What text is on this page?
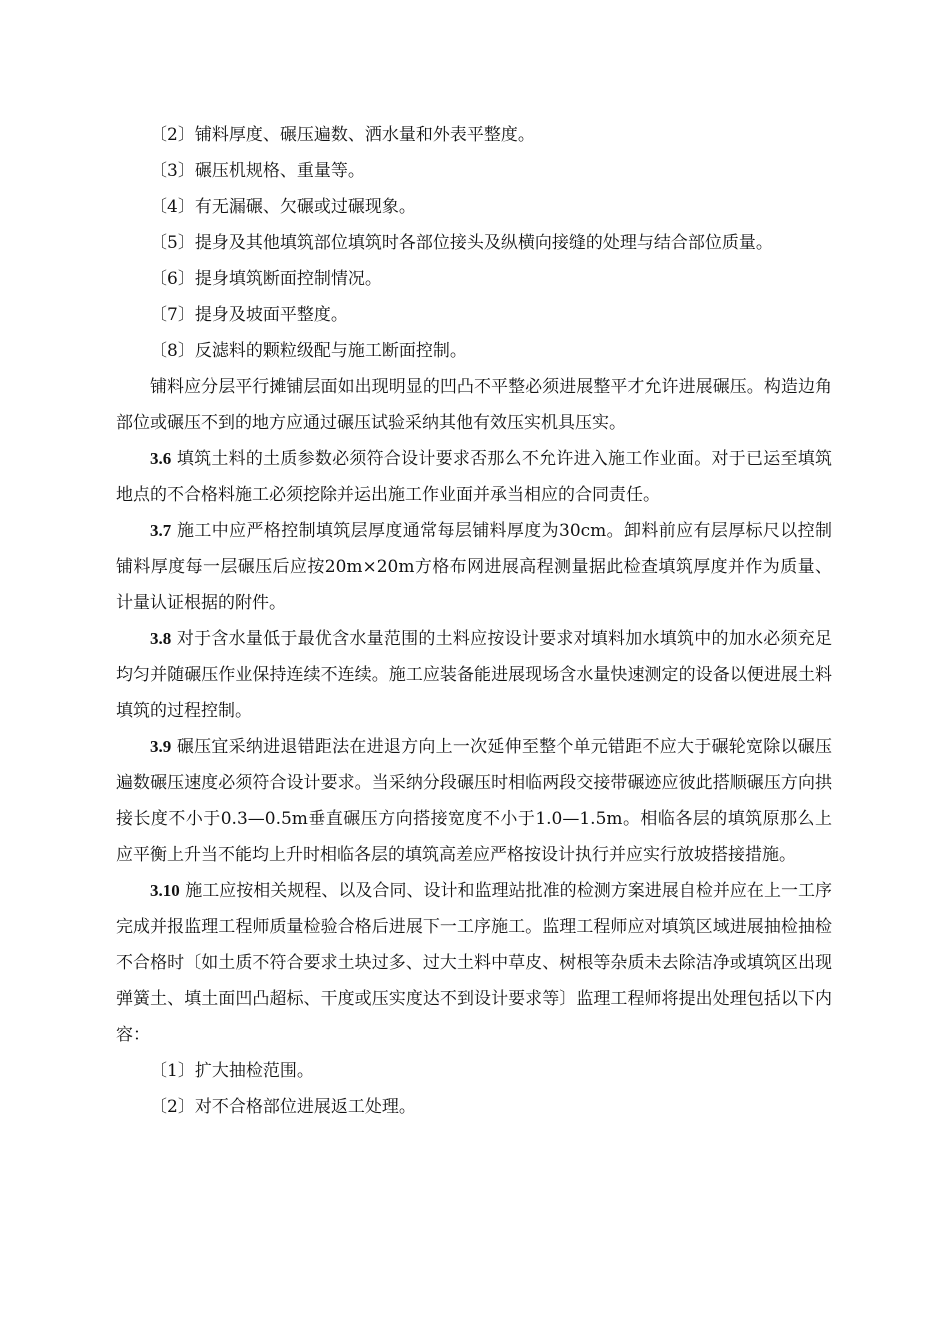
〔2〕铺料厚度、碾压遍数、洒水量和外表平整度。

〔3〕碾压机规格、重量等。

〔4〕有无漏碾、欠碾或过碾现象。

〔5〕提身及其他填筑部位填筑时各部位接头及纵横向接缝的处理与结合部位质量。

〔6〕提身填筑断面控制情况。

〔7〕提身及坡面平整度。

〔8〕反滤料的颗粒级配与施工断面控制。

铺料应分层平行摊铺层面如出现明显的凹凸不平整必须进展整平才允许进展碾压。构造边角部位或碾压不到的地方应通过碾压试验采纳其他有效压实机具压实。

3.6 填筑土料的土质参数必须符合设计要求否那么不允许进入施工作业面。对于已运至填筑地点的不合格料施工必须挖除并运出施工作业面并承当相应的合同责任。

3.7 施工中应严格控制填筑层厚度通常每层铺料厚度为30cm。卸料前应有层厚标尺以控制铺料厚度每一层碾压后应按20m×20m方格布网进展高程测量据此检查填筑厚度并作为质量、计量认证根据的附件。

3.8 对于含水量低于最优含水量范围的土料应按设计要求对填料加水填筑中的加水必须充足均匀并随碾压作业保持连续不连续。施工应装备能进展现场含水量快速测定的设备以便进展土料填筑的过程控制。

3.9 碾压宜采纳进退错距法在进退方向上一次延伸至整个单元错距不应大于碾轮宽除以碾压遍数碾压速度必须符合设计要求。当采纳分段碾压时相临两段交接带碾迹应彼此搭顺碾压方向拱接长度不小于0.3—0.5m垂直碾压方向搭接宽度不小于1.0—1.5m。相临各层的填筑原那么上应平衡上升当不能均上升时相临各层的填筑高差应严格按设计执行并应实行放坡搭接措施。

3.10 施工应按相关规程、以及合同、设计和监理站批准的检测方案进展自检并应在上一工序完成并报监理工程师质量检验合格后进展下一工序施工。监理工程师应对填筑区域进展抽检抽检不合格时〔如土质不符合要求土块过多、过大土料中草皮、树根等杂质未去除洁净或填筑区出现弹簧土、填土面凹凸超标、干度或压实度达不到设计要求等〕监理工程师将提出处理包括以下内容：

〔1〕扩大抽检范围。

〔2〕对不合格部位进展返工处理。
